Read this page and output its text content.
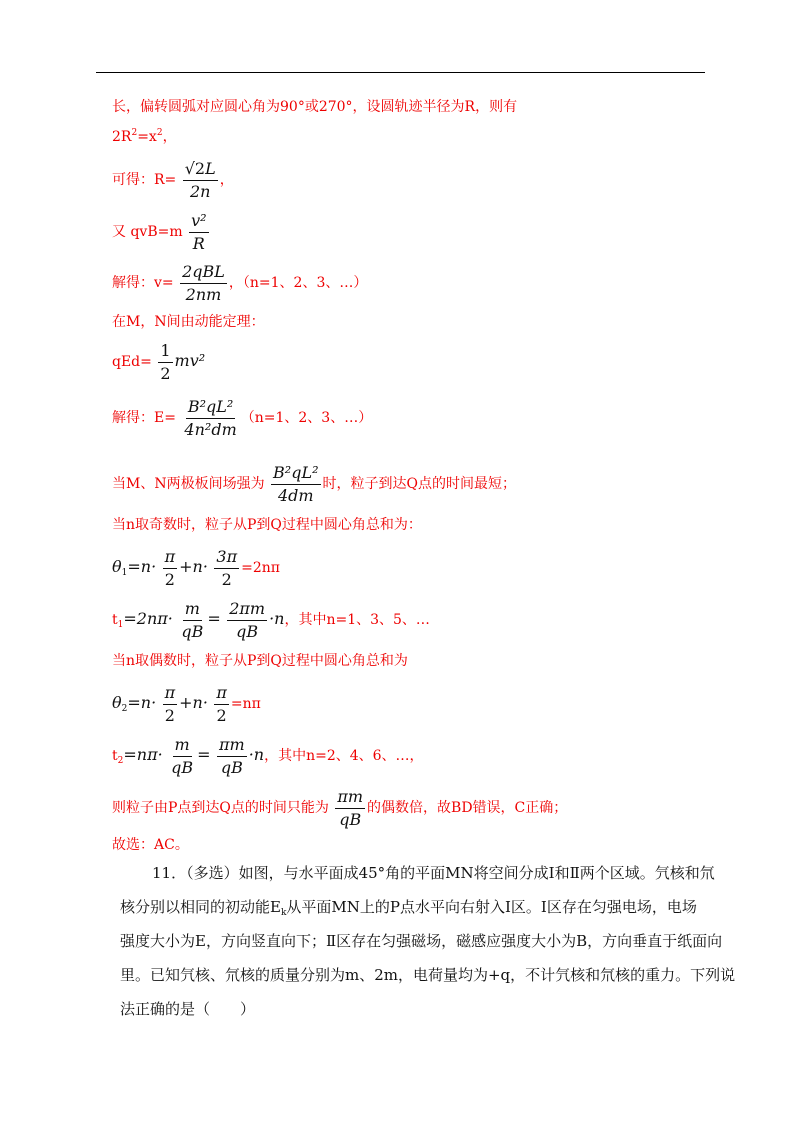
长，偏转圆弧对应圆心角为90°或270°，设圆轨迹半径为R，则有
$2R^2=x^2$，
可得：$R= \frac{√2L}{2n}$ ，
又 $qvB=m \frac{\text{v²}}{R}$
解得：$v= \frac{\text{2qBL}}{2nm}$ ，（n=1、2、3、…）
在M，N间由动能定理：
$qEd= \frac{1}{2} mv^2$
解得：$E= \frac{\text{B²qL²}}{\text{4n²dm}} (n=1$、2、3、…）
当M、N两极板间场强为 $\frac{\text{B²qL²}}{4dm}$ 时，粒子到达Q点的时间最短；
当n取奇数时，粒子从P到Q过程中圆心角总和为：
$\theta_1=n\cdot \frac{\pi}{2} +n\cdot \frac{3\pi}{2} =2n\pi$
$t_1=2n\pi\cdot \frac{m}{qB} = \frac{2\pi m}{qB} \cdot n$，其中n=1、3、5、…
当n取偶数时，粒子从P到Q过程中圆心角总和为
$\theta_2=n\cdot \frac{\pi}{2} +n\cdot \frac{\pi}{2} =n\pi$
$t_2=n\pi\cdot \frac{m}{qB} = \frac{\pi m}{qB} \cdot n$，其中n=2、4、6、…，
则粒子由P点到达Q点的时间只能为 $\frac{\pi m}{qB}$ 的偶数倍，故BD错误，C正确；
故选：AC。
11．（多选）如图，与水平面成45°角的平面MN将空间分成Ⅰ和Ⅱ两个区域。氕核和氘
核分别以相同的初动能$E_k$从平面MN上的P点水平向右射入Ⅰ区。Ⅰ区存在匀强电场，电场
强度大小为E，方向竖直向下；Ⅱ区存在匀强磁场，磁感应强度大小为B，方向垂直于纸面向
里。已知氕核、氘核的质量分别为m、2m，电荷量均为+q，不计氕核和氘核的重力。下列说
法正确的是（　　）
